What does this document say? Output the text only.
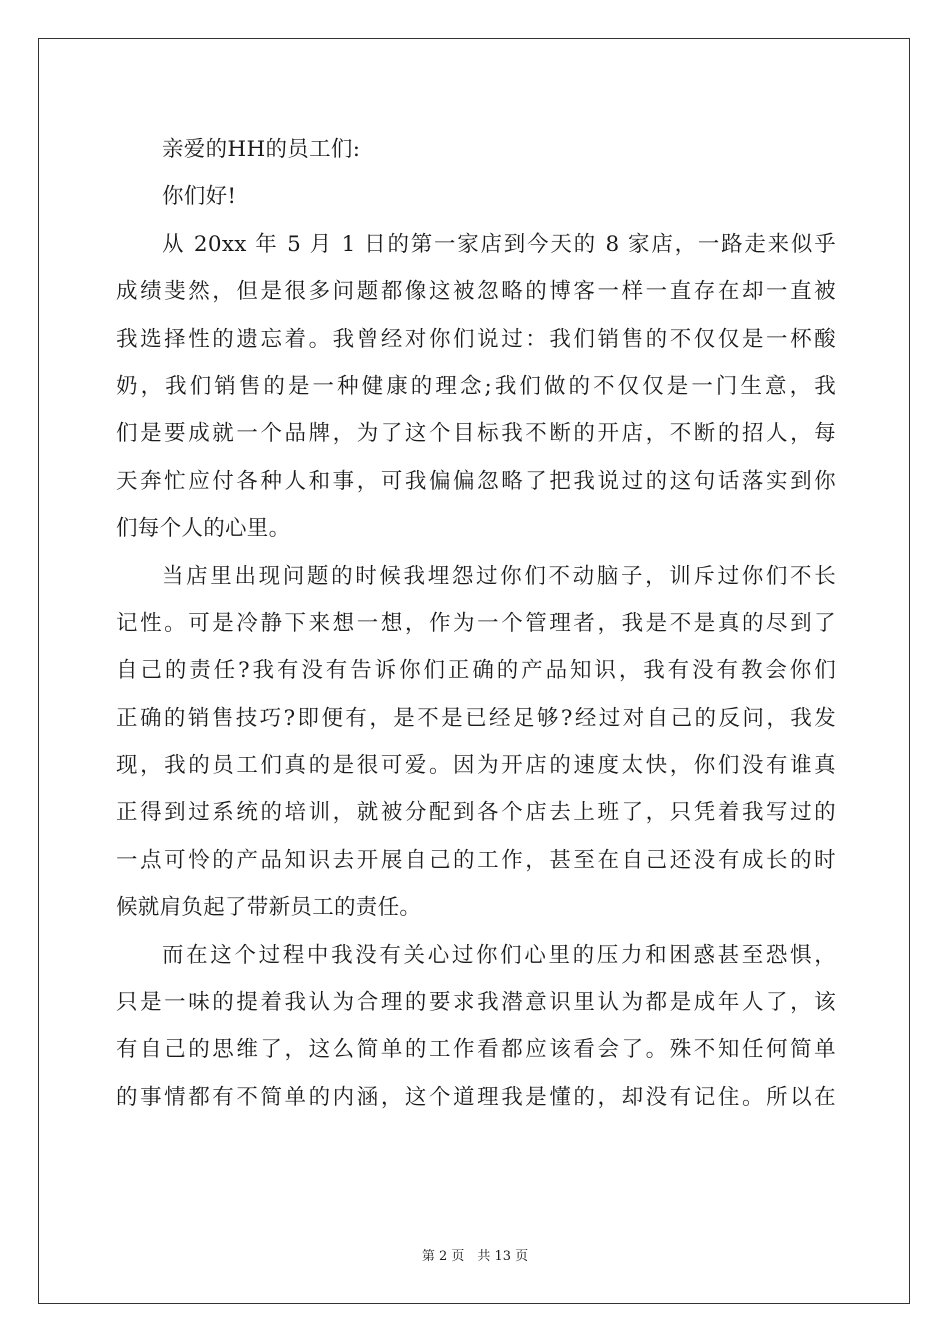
亲爱的HH的员工们:
你们好!
从 20xx 年 5 月 1 日的第一家店到今天的 8 家店，一路走来似乎
成绩斐然，但是很多问题都像这被忽略的博客一样一直存在却一直被
我选择性的遗忘着。我曾经对你们说过：我们销售的不仅仅是一杯酸
奶，我们销售的是一种健康的理念;我们做的不仅仅是一门生意，我
们是要成就一个品牌，为了这个目标我不断的开店，不断的招人，每
天奔忙应付各种人和事，可我偏偏忽略了把我说过的这句话落实到你
们每个人的心里。
当店里出现问题的时候我埋怨过你们不动脑子，训斥过你们不长
记性。可是冷静下来想一想，作为一个管理者，我是不是真的尽到了
自己的责任?我有没有告诉你们正确的产品知识，我有没有教会你们
正确的销售技巧?即便有，是不是已经足够?经过对自己的反问，我发
现，我的员工们真的是很可爱。因为开店的速度太快，你们没有谁真
正得到过系统的培训，就被分配到各个店去上班了，只凭着我写过的
一点可怜的产品知识去开展自己的工作，甚至在自己还没有成长的时
候就肩负起了带新员工的责任。
而在这个过程中我没有关心过你们心里的压力和困惑甚至恐惧，
只是一味的提着我认为合理的要求我潜意识里认为都是成年人了，该
有自己的思维了，这么简单的工作看都应该看会了。殊不知任何简单
的事情都有不简单的内涵，这个道理我是懂的，却没有记住。所以在
第 2 页　共 13 页
